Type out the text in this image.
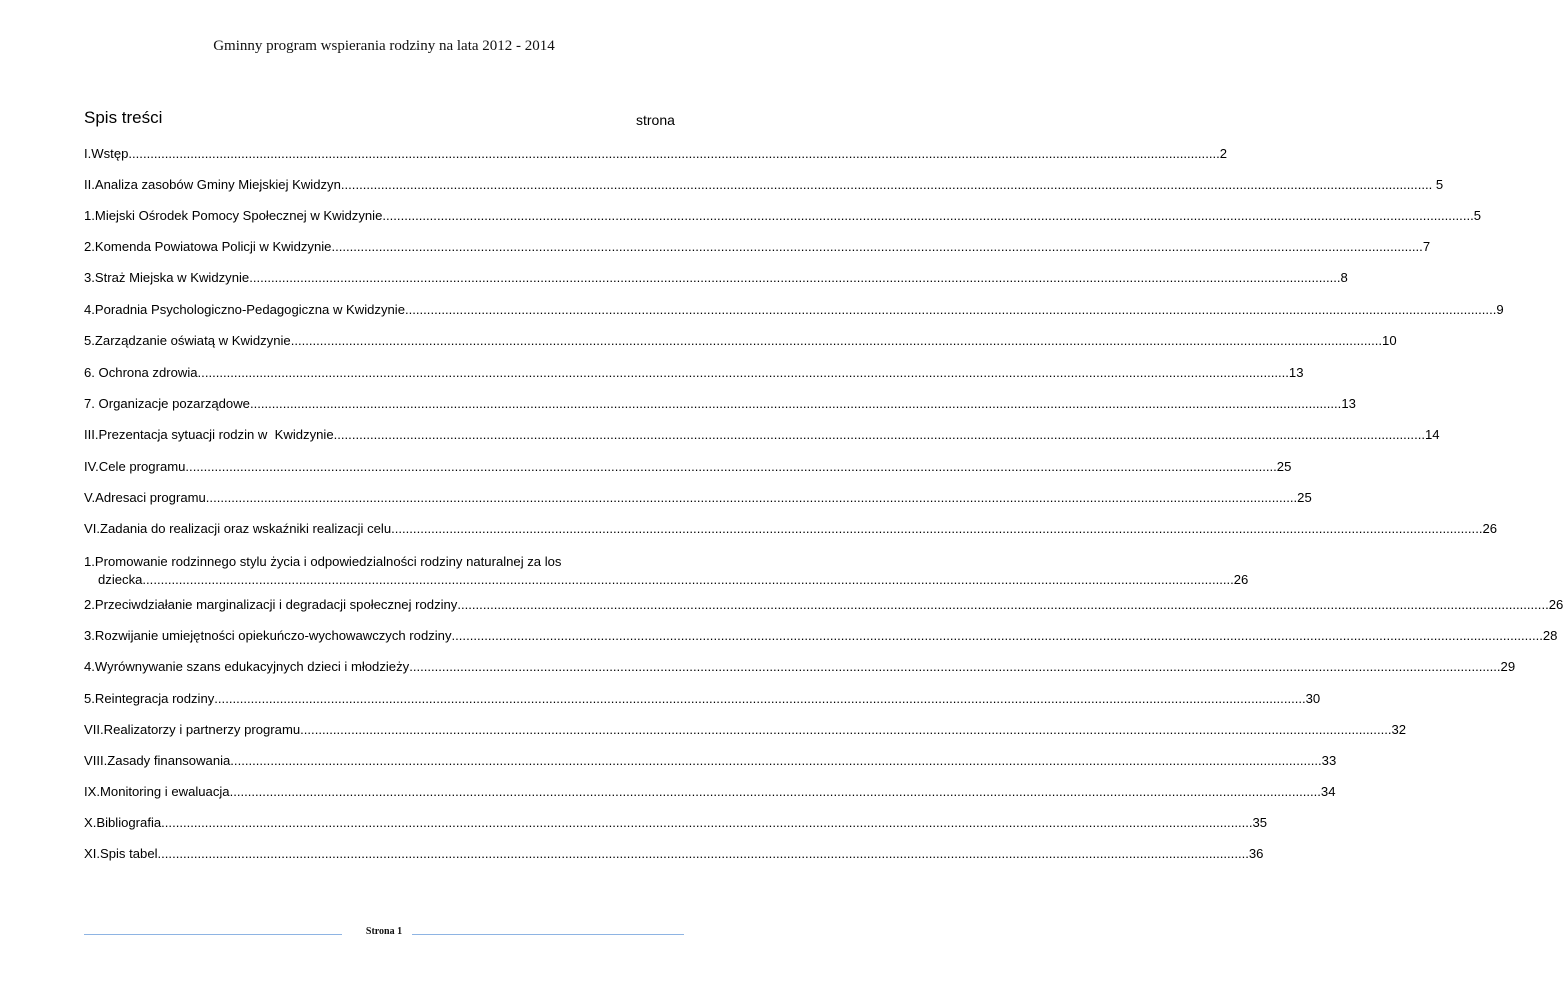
Gminny program wspierania rodziny na lata 2012 - 2014
Spis treści	strona
I.Wstęp ............................................................................................................................................................................................................................................................................................................ 2
II.Analiza zasobów Gminy Miejskiej Kwidzyn ............................................................................................................................................................................................................................................................................................................ 5
1.Miejski Ośrodek Pomocy Społecznej w Kwidzynie ............................................................................................................................................................................................................................................................................................................ 5
2.Komenda Powiatowa Policji w Kwidzynie ............................................................................................................................................................................................................................................................................................................ 7
3.Straż Miejska w Kwidzynie ............................................................................................................................................................................................................................................................................................................ 8
4.Poradnia Psychologiczno-Pedagogiczna w Kwidzynie ............................................................................................................................................................................................................................................................................................................ 9
5.Zarządzanie oświatą w Kwidzynie ............................................................................................................................................................................................................................................................................................................ 10
6. Ochrona zdrowia ............................................................................................................................................................................................................................................................................................................ 13
7. Organizacje pozarządowe ............................................................................................................................................................................................................................................................................................................ 13
III.Prezentacja sytuacji rodzin w  Kwidzynie ............................................................................................................................................................................................................................................................................................................ 14
IV.Cele programu ............................................................................................................................................................................................................................................................................................................ 25
V.Adresaci programu ............................................................................................................................................................................................................................................................................................................ 25
VI.Zadania do realizacji oraz wskaźniki realizacji celu ............................................................................................................................................................................................................................................................................................................ 26
1.Promowanie rodzinnego stylu życia i odpowiedzialności rodziny naturalnej za los
dziecka ............................................................................................................................................................................................................................................................................................................ 26
2.Przeciwdziałanie marginalizacji i degradacji społecznej rodziny ............................................................................................................................................................................................................................................................................................................ 26
3.Rozwijanie umiejętności opiekuńczo-wychowawczych rodziny ............................................................................................................................................................................................................................................................................................................ 28
4.Wyrównywanie szans edukacyjnych dzieci i młodzieży ............................................................................................................................................................................................................................................................................................................ 29
5.Reintegracja rodziny ............................................................................................................................................................................................................................................................................................................ 30
VII.Realizatorzy i partnerzy programu ............................................................................................................................................................................................................................................................................................................ 32
VIII.Zasady finansowania ............................................................................................................................................................................................................................................................................................................ 33
IX.Monitoring i ewaluacja ............................................................................................................................................................................................................................................................................................................ 34
X.Bibliografia ............................................................................................................................................................................................................................................................................................................ 35
XI.Spis tabel ............................................................................................................................................................................................................................................................................................................ 36
Strona 1
